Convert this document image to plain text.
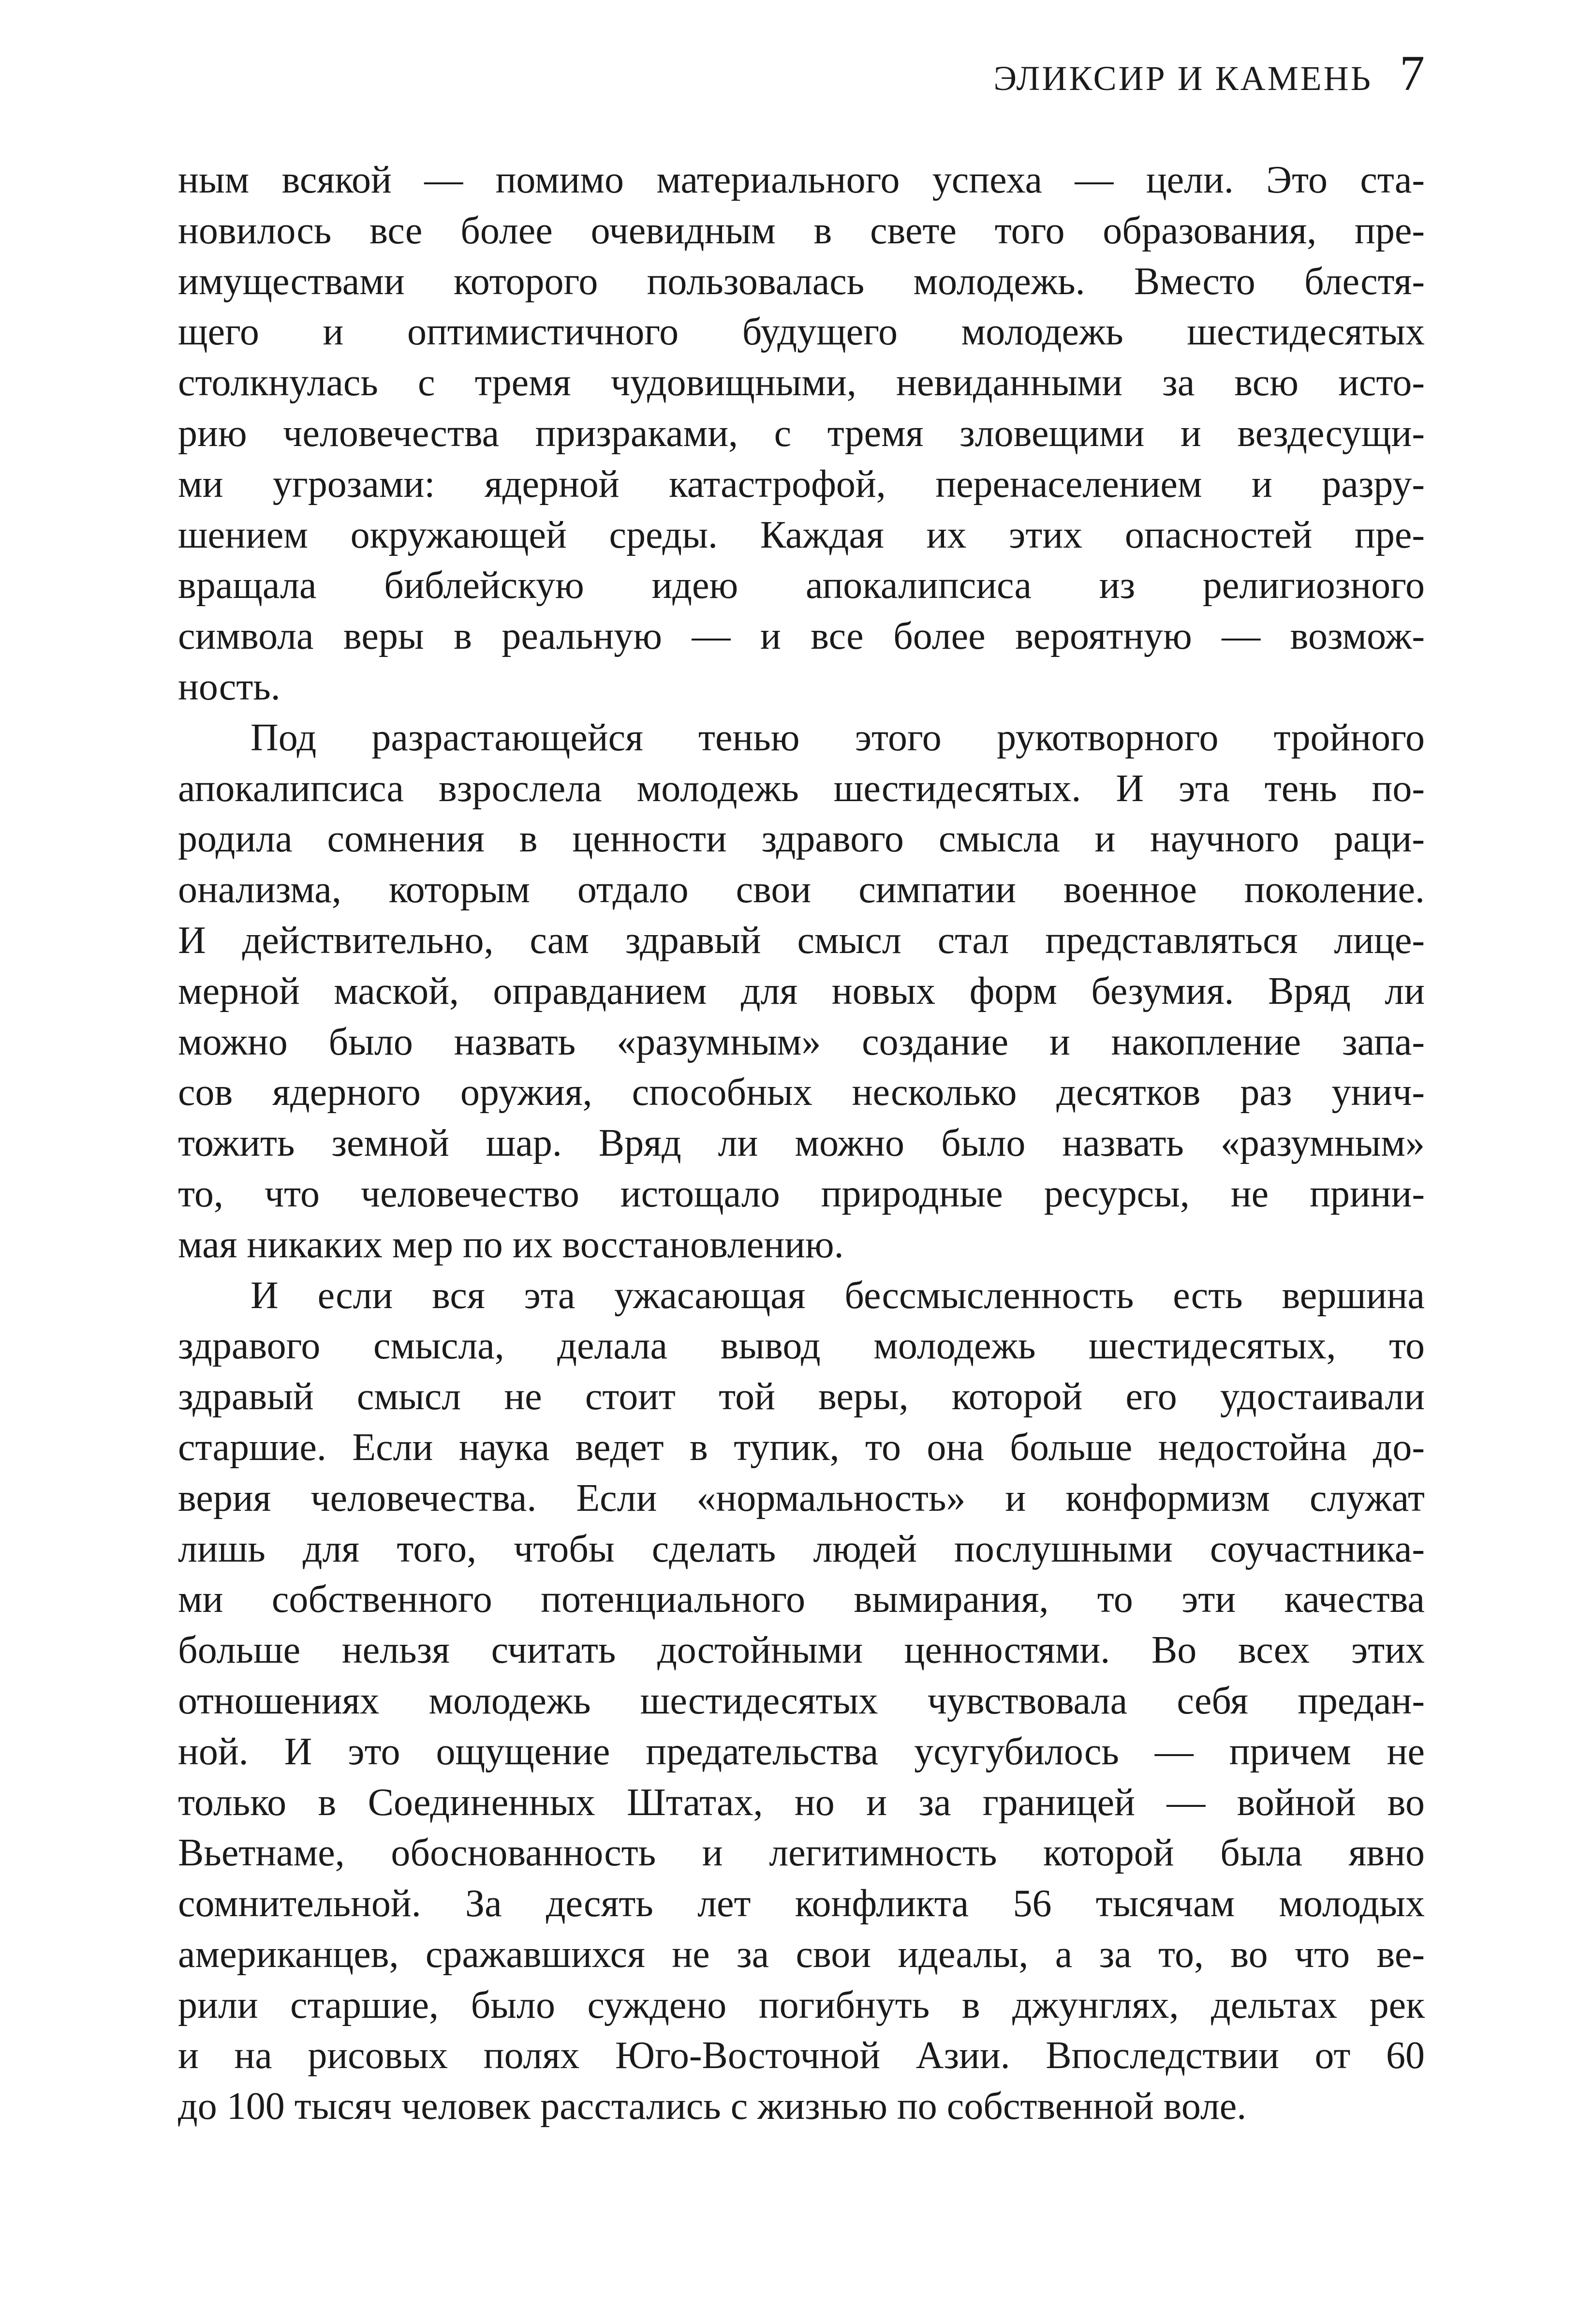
ЭЛИКСИР И КАМЕНЬ 7
ным всякой — помимо материального успеха — цели. Это ста-
новилось все более очевидным в свете того образования, пре-
имуществами которого пользовалась молодежь. Вместо блестя-
щего и оптимистичного будущего молодежь шестидесятых
столкнулась с тремя чудовищными, невиданными за всю исто-
рию человечества призраками, с тремя зловещими и вездесущи-
ми угрозами: ядерной катастрофой, перенаселением и разру-
шением окружающей среды. Каждая их этих опасностей пре-
вращала библейскую идею апокалипсиса из религиозного
символа веры в реальную — и все более вероятную — возмож-
ность.
Под разрастающейся тенью этого рукотворного тройного
апокалипсиса взрослела молодежь шестидесятых. И эта тень по-
родила сомнения в ценности здравого смысла и научного раци-
онализма, которым отдало свои симпатии военное поколение.
И действительно, сам здравый смысл стал представляться лице-
мерной маской, оправданием для новых форм безумия. Вряд ли
можно было назвать «разумным» создание и накопление запа-
сов ядерного оружия, способных несколько десятков раз унич-
тожить земной шар. Вряд ли можно было назвать «разумным»
то, что человечество истощало природные ресурсы, не прини-
мая никаких мер по их восстановлению.
И если вся эта ужасающая бессмысленность есть вершина
здравого смысла, делала вывод молодежь шестидесятых, то
здравый смысл не стоит той веры, которой его удостаивали
старшие. Если наука ведет в тупик, то она больше недостойна до-
верия человечества. Если «нормальность» и конформизм служат
лишь для того, чтобы сделать людей послушными соучастника-
ми собственного потенциального вымирания, то эти качества
больше нельзя считать достойными ценностями. Во всех этих
отношениях молодежь шестидесятых чувствовала себя предан-
ной. И это ощущение предательства усугубилось — причем не
только в Соединенных Штатах, но и за границей — войной во
Вьетнаме, обоснованность и легитимность которой была явно
сомнительной. За десять лет конфликта 56 тысячам молодых
американцев, сражавшихся не за свои идеалы, а за то, во что ве-
рили старшие, было суждено погибнуть в джунглях, дельтах рек
и на рисовых полях Юго-Восточной Азии. Впоследствии от 60
до 100 тысяч человек расстались с жизнью по собственной воле.
